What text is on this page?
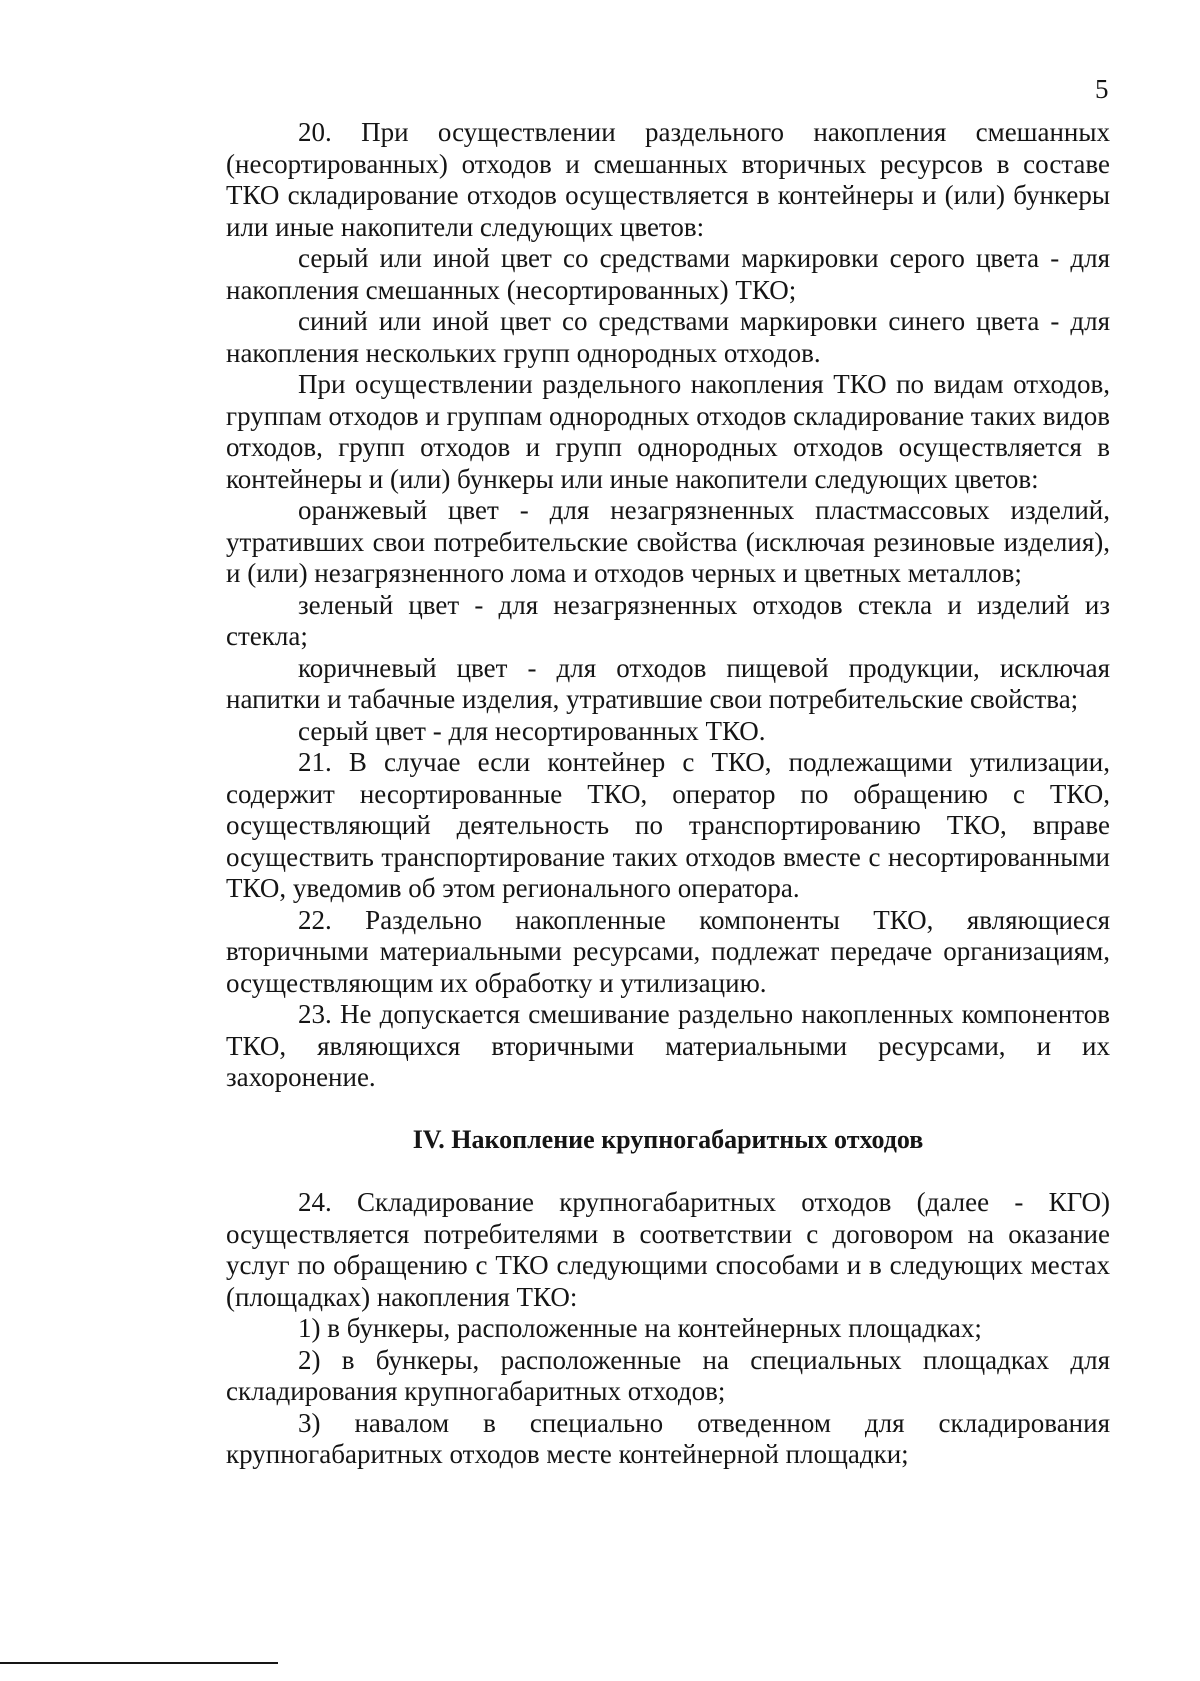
5

20. При осуществлении раздельного накопления смешанных (несортированных) отходов и смешанных вторичных ресурсов в составе ТКО складирование отходов осуществляется в контейнеры и (или) бункеры или иные накопители следующих цветов:

серый или иной цвет со средствами маркировки серого цвета - для накопления смешанных (несортированных) ТКО;

синий или иной цвет со средствами маркировки синего цвета - для накопления нескольких групп однородных отходов.

При осуществлении раздельного накопления ТКО по видам отходов, группам отходов и группам однородных отходов складирование таких видов отходов, групп отходов и групп однородных отходов осуществляется в контейнеры и (или) бункеры или иные накопители следующих цветов:

оранжевый цвет - для незагрязненных пластмассовых изделий, утративших свои потребительские свойства (исключая резиновые изделия), и (или) незагрязненного лома и отходов черных и цветных металлов;

зеленый цвет - для незагрязненных отходов стекла и изделий из стекла;

коричневый цвет - для отходов пищевой продукции, исключая напитки и табачные изделия, утратившие свои потребительские свойства;

серый цвет - для несортированных ТКО.

21. В случае если контейнер с ТКО, подлежащими утилизации, содержит несортированные ТКО, оператор по обращению с ТКО, осуществляющий деятельность по транспортированию ТКО, вправе осуществить транспортирование таких отходов вместе с несортированными ТКО, уведомив об этом регионального оператора.

22. Раздельно накопленные компоненты ТКО, являющиеся вторичными материальными ресурсами, подлежат передаче организациям, осуществляющим их обработку и утилизацию.

23. Не допускается смешивание раздельно накопленных компонентов ТКО, являющихся вторичными материальными ресурсами, и их захоронение.

IV. Накопление крупногабаритных отходов

24. Складирование крупногабаритных отходов (далее - КГО) осуществляется потребителями в соответствии с договором на оказание услуг по обращению с ТКО следующими способами и в следующих местах (площадках) накопления ТКО:

1) в бункеры, расположенные на контейнерных площадках;

2) в бункеры, расположенные на специальных площадках для складирования крупногабаритных отходов;

3) навалом в специально отведенном для складирования крупногабаритных отходов месте контейнерной площадки;
